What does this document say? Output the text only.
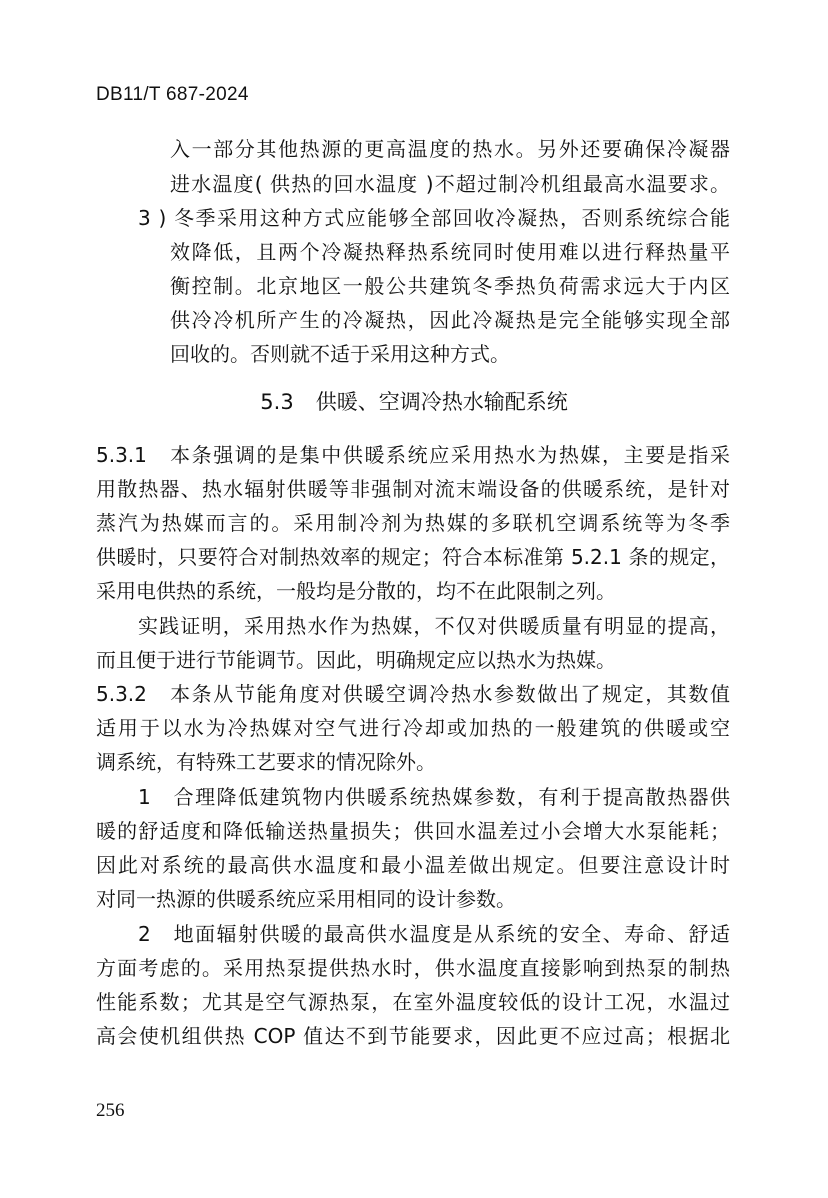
DB11/T 687-2024
入一部分其他热源的更高温度的热水。另外还要确保冷凝器
进水温度( 供热的回水温度 )不超过制冷机组最高水温要求。
3 ) 冬季采用这种方式应能够全部回收冷凝热，否则系统综合能
效降低，且两个冷凝热释热系统同时使用难以进行释热量平
衡控制。北京地区一般公共建筑冬季热负荷需求远大于内区
供冷冷机所产生的冷凝热，因此冷凝热是完全能够实现全部
回收的。否则就不适于采用这种方式。
5.3 供暖、空调冷热水输配系统
5.3.1　本条强调的是集中供暖系统应采用热水为热媒，主要是指采
用散热器、热水辐射供暖等非强制对流末端设备的供暖系统，是针对
蒸汽为热媒而言的。采用制冷剂为热媒的多联机空调系统等为冬季
供暖时，只要符合对制热效率的规定；符合本标准第 5.2.1 条的规定，
采用电供热的系统，一般均是分散的，均不在此限制之列。
实践证明，采用热水作为热媒，不仅对供暖质量有明显的提高，
而且便于进行节能调节。因此，明确规定应以热水为热媒。
5.3.2　本条从节能角度对供暖空调冷热水参数做出了规定，其数值
适用于以水为冷热媒对空气进行冷却或加热的一般建筑的供暖或空
调系统，有特殊工艺要求的情况除外。
1　合理降低建筑物内供暖系统热媒参数，有利于提高散热器供
暖的舒适度和降低输送热量损失；供回水温差过小会增大水泵能耗；
因此对系统的最高供水温度和最小温差做出规定。但要注意设计时
对同一热源的供暖系统应采用相同的设计参数。
2　地面辐射供暖的最高供水温度是从系统的安全、寿命、舒适
方面考虑的。采用热泵提供热水时，供水温度直接影响到热泵的制热
性能系数；尤其是空气源热泵，在室外温度较低的设计工况，水温过
高会使机组供热 COP 值达不到节能要求，因此更不应过高；根据北
256
